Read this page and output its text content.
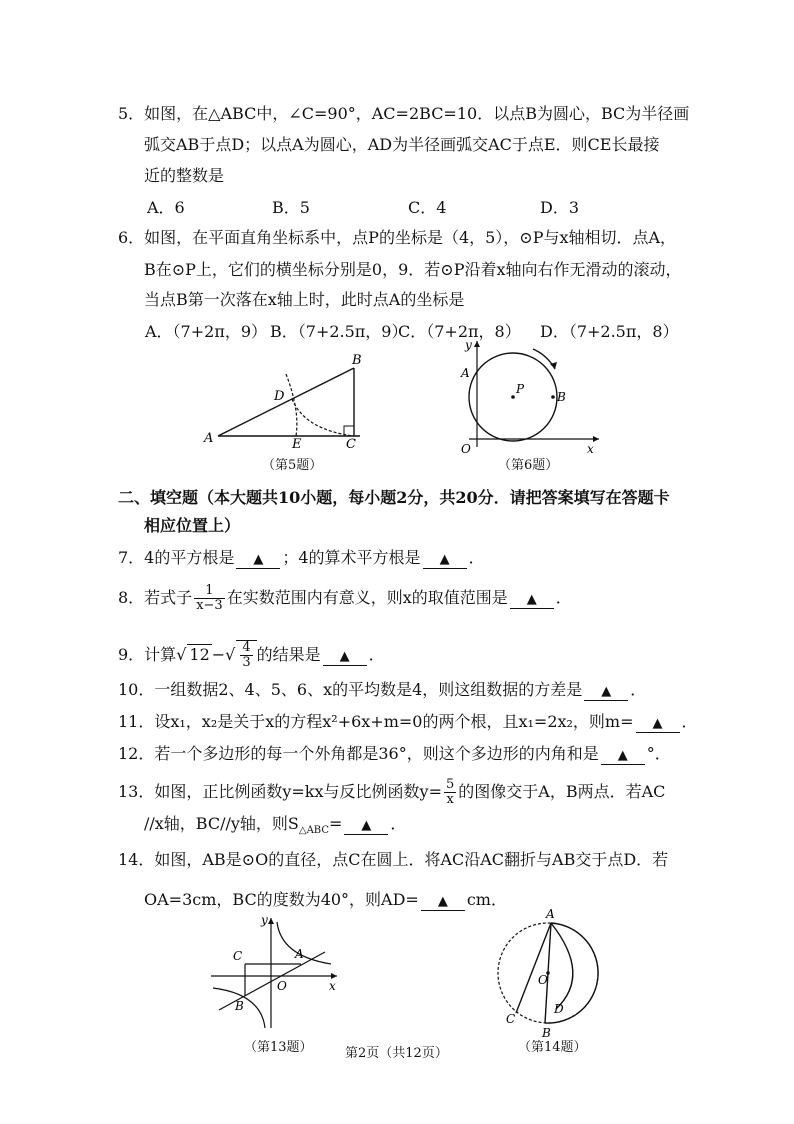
5．如图，在△ABC中，∠C=90°，AC=2BC=10．以点B为圆心，BC为半径画
弧交AB于点D；以点A为圆心，AD为半径画弧交AC于点E．则CE长最接
近的整数是
A．6	B．5	C．4	D．3
6．如图，在平面直角坐标系中，点P的坐标是（4，5），⊙P与x轴相切．点A，
B在⊙P上，它们的横坐标分别是0，9．若⊙P沿着x轴向右作无滑动的滚动，
当点B第一次落在x轴上时，此时点A的坐标是
A．（7+2π，9） B．（7+2.5π，9）
C．（7+2π，8） D．（7+2.5π，8）
A
B
C
D
E
（第5题）
y
x
O
A
B
P
（第6题）
二、填空题（本大题共10小题，每小题2分，共20分．请把答案填写在答题卡
相应位置上）
7．4的平方根是 ▲ ；4的算术平方根是 ▲ ．
8．若式子 $\frac{1}{x-3}$ 在实数范围内有意义，则x的取值范围是 ▲ ．
9．计算√ 12 −√ $\frac{4}{3}$ 的结果是 ▲ ．
10．一组数据2、4、5、6、x的平均数是4，则这组数据的方差是 ▲ ．
11．设x₁，x₂是关于x的方程x²+6x+m=0的两个根，且x₁=2x₂，则m= ▲ ．
12．若一个多边形的每一个外角都是36°，则这个多边形的内角和是 ▲ °．
13．如图，正比例函数y=kx与反比例函数$y= \frac{5}{x}$ 的图像交于A，B两点．若AC
//x轴，BC//y轴，则$S_{\triangle ABC}=$ ▲ ．
14．如图，AB是⊙O的直径，点C在圆上．将AC沿AC翻折与AB交于点D．若
OA=3cm，BC的度数为40°，则AD= ▲ cm．
A
C
B
O
y
x
（第13题）
A
O
D
C
B
（第14题）
第2页（共12页）
